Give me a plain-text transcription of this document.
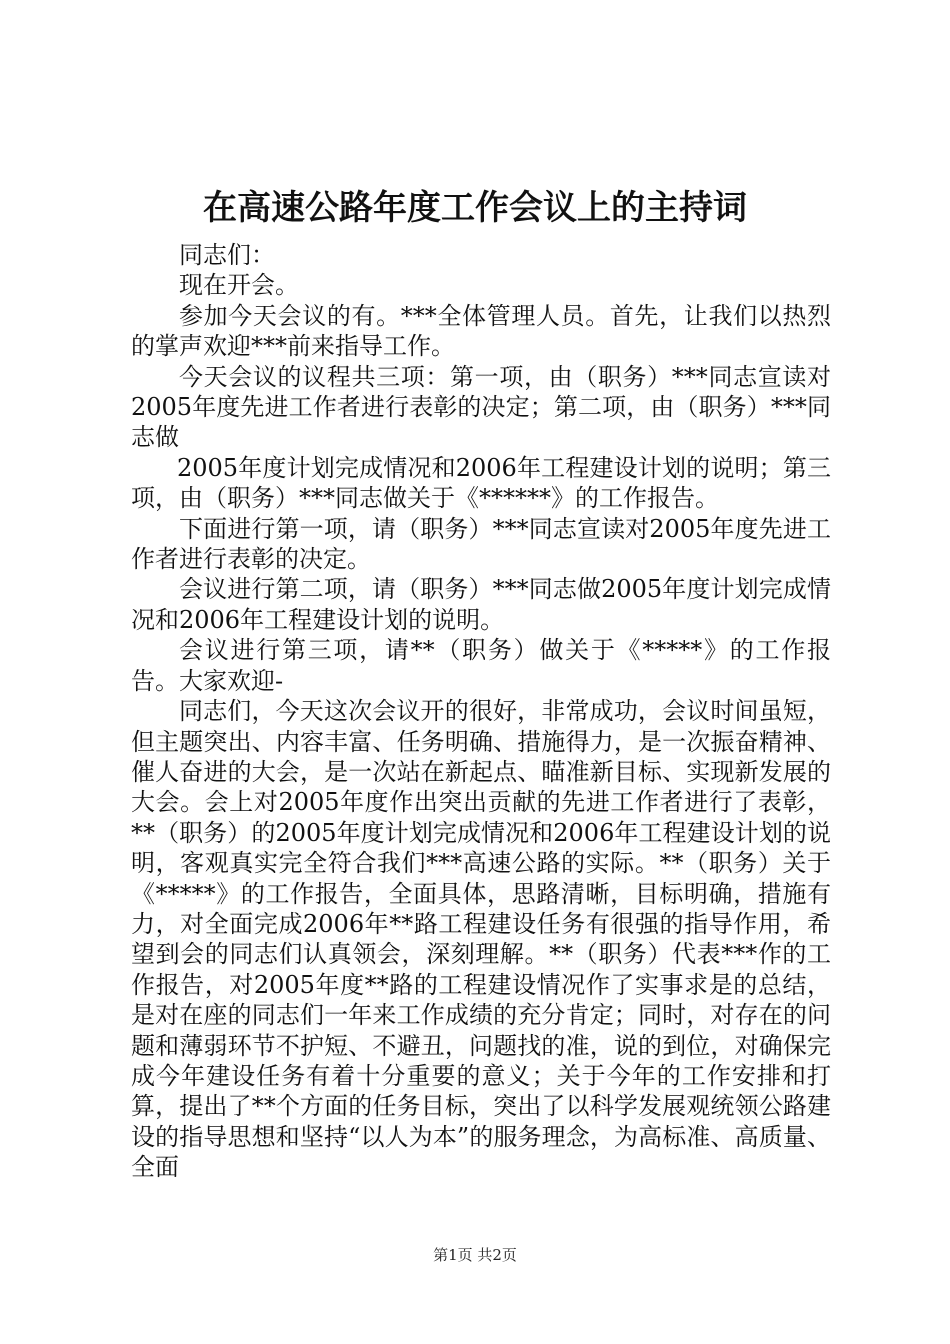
在高速公路年度工作会议上的主持词

同志们：

现在开会。

参加今天会议的有。***全体管理人员。首先，让我们以热烈的掌声欢迎***前来指导工作。

今天会议的议程共三项：第一项，由（职务）***同志宣读对2005年度先进工作者进行表彰的决定；第二项，由（职务）***同志做

2005年度计划完成情况和2006年工程建设计划的说明；第三项，由（职务）***同志做关于《******》的工作报告。

下面进行第一项，请（职务）***同志宣读对2005年度先进工作者进行表彰的决定。

会议进行第二项，请（职务）***同志做2005年度计划完成情况和2006年工程建设计划的说明。

会议进行第三项，请**（职务）做关于《*****》的工作报告。大家欢迎-

同志们，今天这次会议开的很好，非常成功，会议时间虽短，但主题突出、内容丰富、任务明确、措施得力，是一次振奋精神、催人奋进的大会，是一次站在新起点、瞄准新目标、实现新发展的大会。会上对2005年度作出突出贡献的先进工作者进行了表彰，**（职务）的2005年度计划完成情况和2006年工程建设计划的说明，客观真实完全符合我们***高速公路的实际。**（职务）关于《*****》的工作报告，全面具体，思路清晰，目标明确，措施有力，对全面完成2006年**路工程建设任务有很强的指导作用，希望到会的同志们认真领会，深刻理解。**（职务）代表***作的工作报告，对2005年度**路的工程建设情况作了实事求是的总结，是对在座的同志们一年来工作成绩的充分肯定；同时，对存在的问题和薄弱环节不护短、不避丑，问题找的准，说的到位，对确保完成今年建设任务有着十分重要的意义；关于今年的工作安排和打算，提出了**个方面的任务目标，突出了以科学发展观统领公路建设的指导思想和坚持“以人为本”的服务理念，为高标准、高质量、全面

第1页 共2页
